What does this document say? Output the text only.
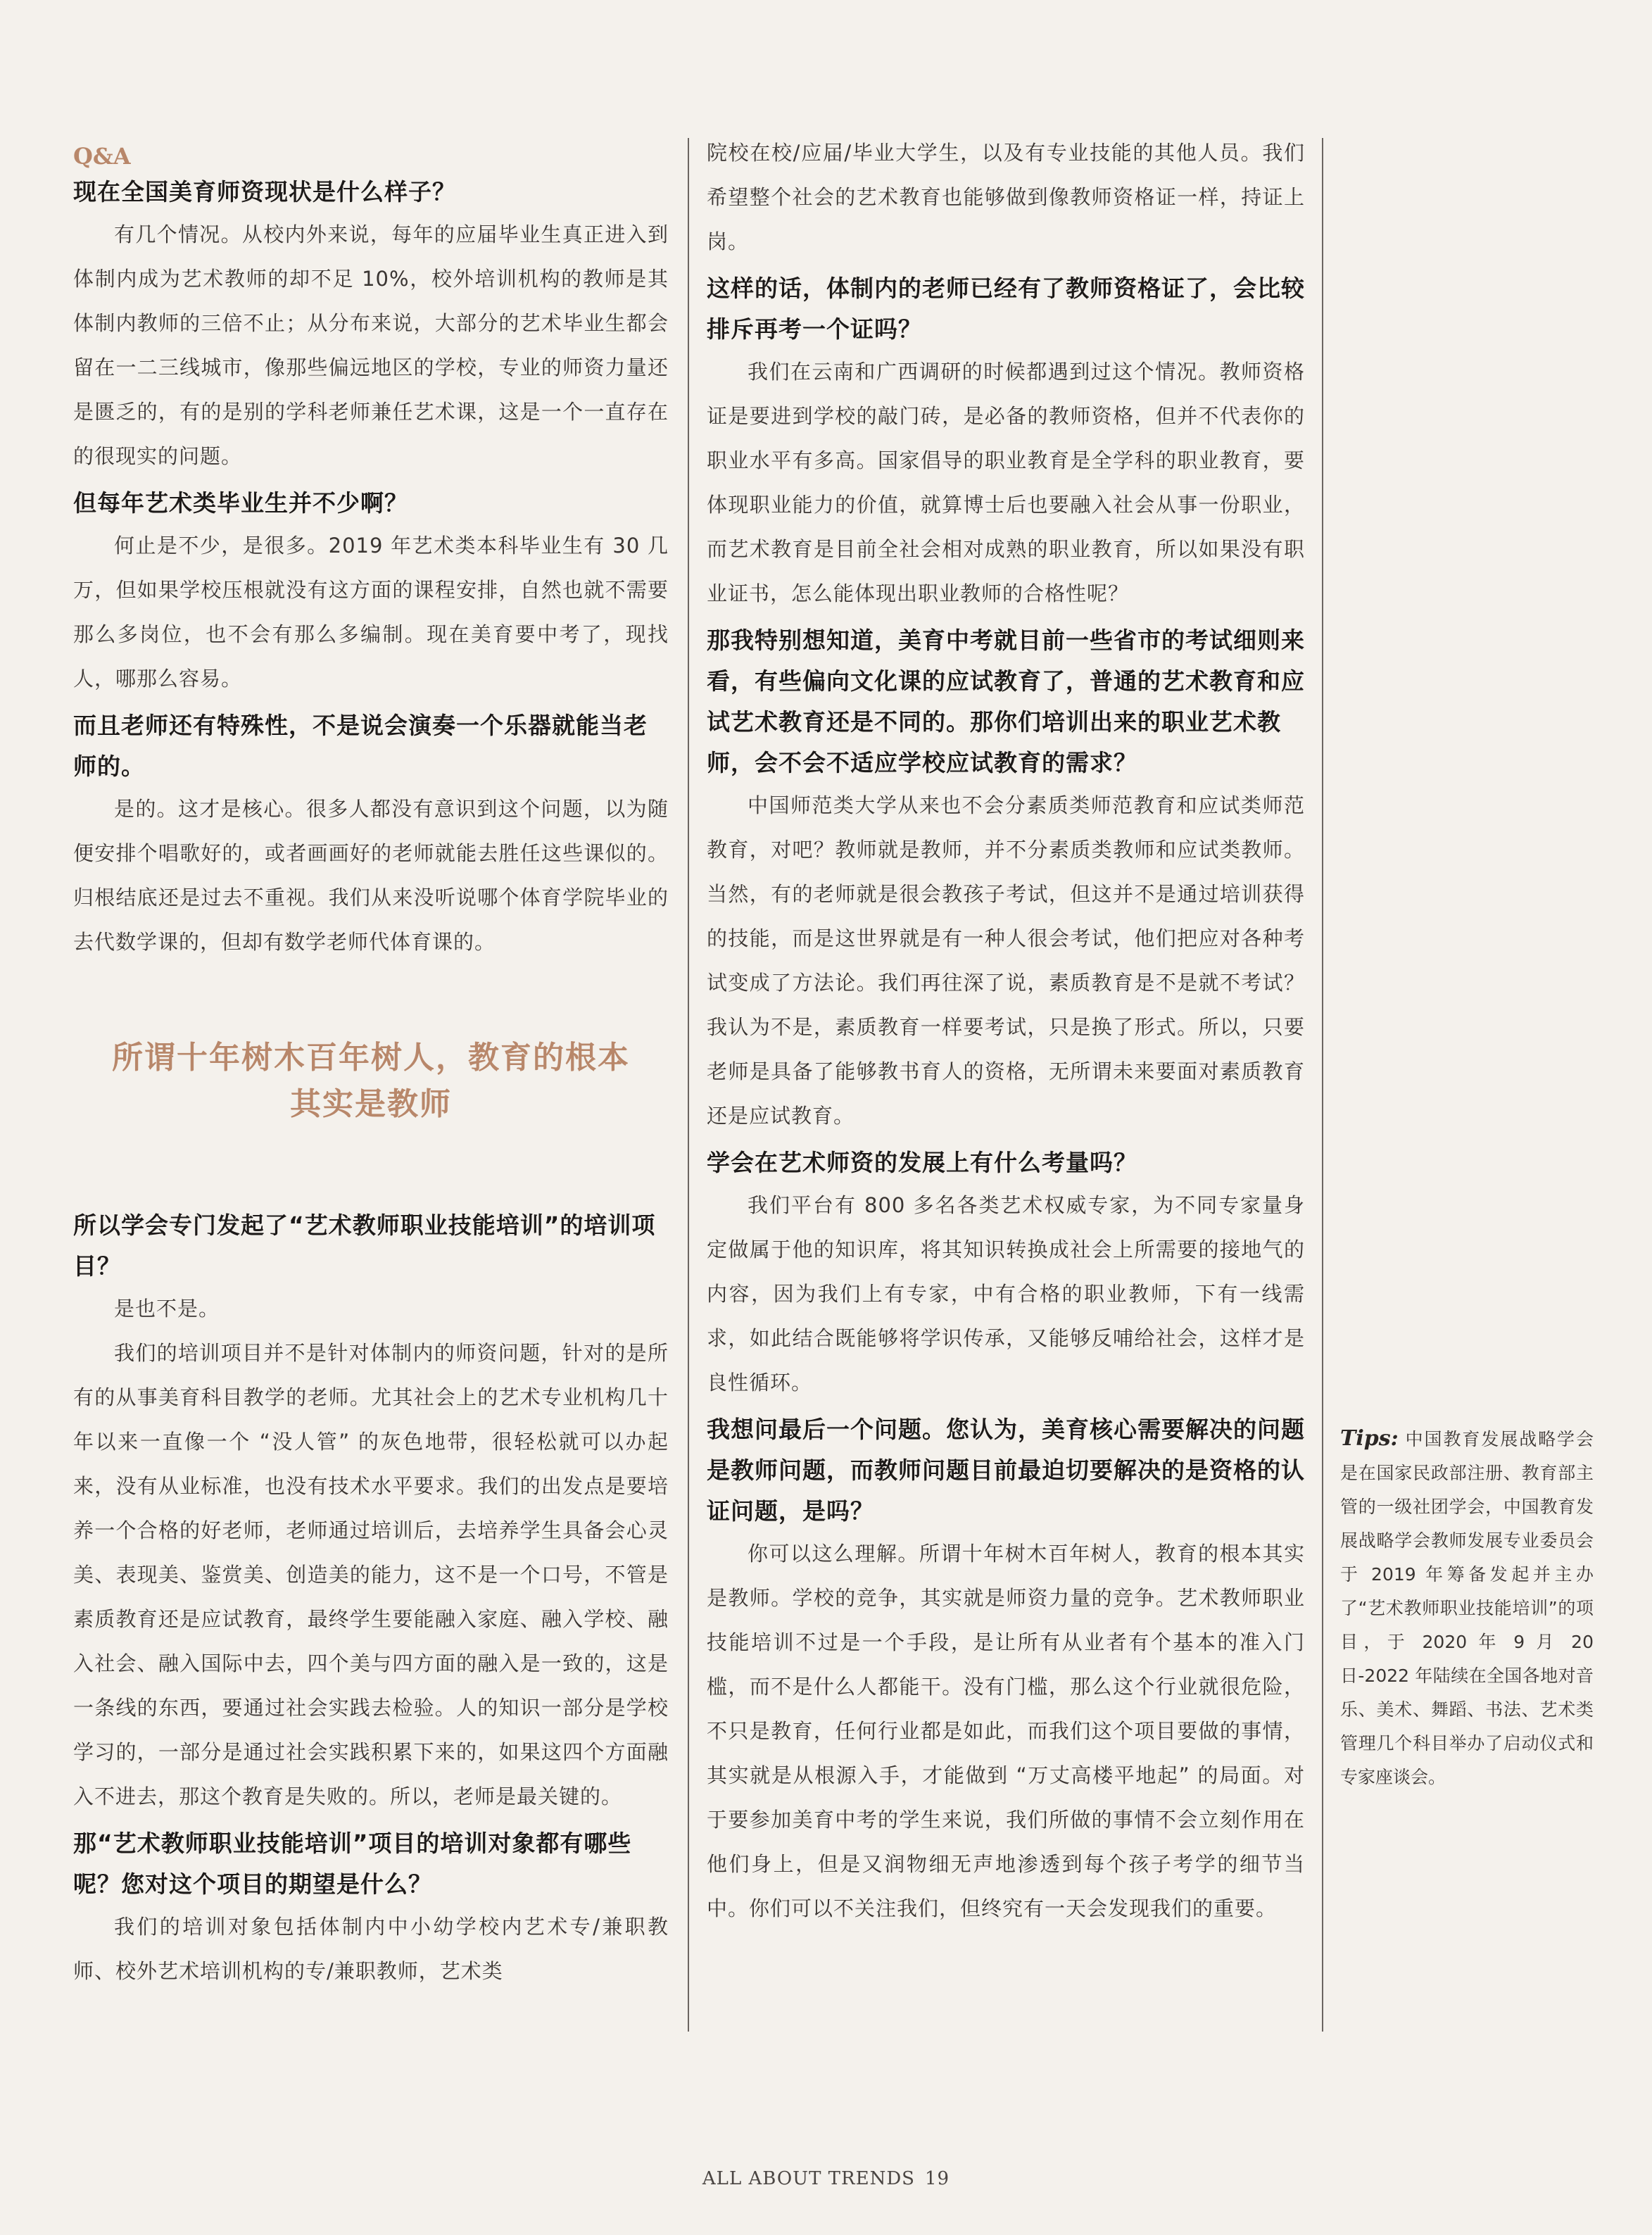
Q&A

现在全国美育师资现状是什么样子？

有几个情况。从校内外来说，每年的应届毕业生真正进入到体制内成为艺术教师的却不足 10%，校外培训机构的教师是其体制内教师的三倍不止；从分布来说，大部分的艺术毕业生都会留在一二三线城市，像那些偏远地区的学校，专业的师资力量还是匮乏的，有的是别的学科老师兼任艺术课，这是一个一直存在的很现实的问题。

但每年艺术类毕业生并不少啊？

何止是不少，是很多。2019 年艺术类本科毕业生有 30 几万，但如果学校压根就没有这方面的课程安排，自然也就不需要那么多岗位，也不会有那么多编制。现在美育要中考了，现找人，哪那么容易。

而且老师还有特殊性，不是说会演奏一个乐器就能当老师的。

是的。这才是核心。很多人都没有意识到这个问题，以为随便安排个唱歌好的，或者画画好的老师就能去胜任这些课似的。归根结底还是过去不重视。我们从来没听说哪个体育学院毕业的去代数学课的，但却有数学老师代体育课的。

所谓十年树木百年树人，教育的根本
其实是教师

所以学会专门发起了“艺术教师职业技能培训”的培训项目？

是也不是。

我们的培训项目并不是针对体制内的师资问题，针对的是所有的从事美育科目教学的老师。尤其社会上的艺术专业机构几十年以来一直像一个 “没人管” 的灰色地带，很轻松就可以办起来，没有从业标准，也没有技术水平要求。我们的出发点是要培养一个合格的好老师，老师通过培训后，去培养学生具备会心灵美、表现美、鉴赏美、创造美的能力，这不是一个口号，不管是素质教育还是应试教育，最终学生要能融入家庭、融入学校、融入社会、融入国际中去，四个美与四方面的融入是一致的，这是一条线的东西，要通过社会实践去检验。人的知识一部分是学校学习的，一部分是通过社会实践积累下来的，如果这四个方面融入不进去，那这个教育是失败的。所以，老师是最关键的。

那“艺术教师职业技能培训”项目的培训对象都有哪些呢？您对这个项目的期望是什么？

我们的培训对象包括体制内中小幼学校内艺术专/兼职教师、校外艺术培训机构的专/兼职教师，艺术类

院校在校/应届/毕业大学生，以及有专业技能的其他人员。我们希望整个社会的艺术教育也能够做到像教师资格证一样，持证上岗。

这样的话，体制内的老师已经有了教师资格证了，会比较排斥再考一个证吗？

我们在云南和广西调研的时候都遇到过这个情况。教师资格证是要进到学校的敲门砖，是必备的教师资格，但并不代表你的职业水平有多高。国家倡导的职业教育是全学科的职业教育，要体现职业能力的价值，就算博士后也要融入社会从事一份职业，而艺术教育是目前全社会相对成熟的职业教育，所以如果没有职业证书，怎么能体现出职业教师的合格性呢？

那我特别想知道，美育中考就目前一些省市的考试细则来看，有些偏向文化课的应试教育了，普通的艺术教育和应试艺术教育还是不同的。那你们培训出来的职业艺术教师，会不会不适应学校应试教育的需求？

中国师范类大学从来也不会分素质类师范教育和应试类师范教育，对吧？教师就是教师，并不分素质类教师和应试类教师。当然，有的老师就是很会教孩子考试，但这并不是通过培训获得的技能，而是这世界就是有一种人很会考试，他们把应对各种考试变成了方法论。我们再往深了说，素质教育是不是就不考试？我认为不是，素质教育一样要考试，只是换了形式。所以，只要老师是具备了能够教书育人的资格，无所谓未来要面对素质教育还是应试教育。

学会在艺术师资的发展上有什么考量吗？

我们平台有 800 多名各类艺术权威专家，为不同专家量身定做属于他的知识库，将其知识转换成社会上所需要的接地气的内容，因为我们上有专家，中有合格的职业教师，下有一线需求，如此结合既能够将学识传承，又能够反哺给社会，这样才是良性循环。

我想问最后一个问题。您认为，美育核心需要解决的问题是教师问题，而教师问题目前最迫切要解决的是资格的认证问题，是吗？

你可以这么理解。所谓十年树木百年树人，教育的根本其实是教师。学校的竞争，其实就是师资力量的竞争。艺术教师职业技能培训不过是一个手段，是让所有从业者有个基本的准入门槛，而不是什么人都能干。没有门槛，那么这个行业就很危险，不只是教育，任何行业都是如此，而我们这个项目要做的事情，其实就是从根源入手，才能做到 “万丈高楼平地起” 的局面。对于要参加美育中考的学生来说，我们所做的事情不会立刻作用在他们身上，但是又润物细无声地渗透到每个孩子考学的细节当中。你们可以不关注我们，但终究有一天会发现我们的重要。

Tips: 中国教育发展战略学会是在国家民政部注册、教育部主管的一级社团学会，中国教育发展战略学会教师发展专业委员会于 2019 年筹备发起并主办了“艺术教师职业技能培训”的项目，于 2020 年 9 月 20 日-2022 年陆续在全国各地对音乐、美术、舞蹈、书法、艺术类管理几个科目举办了启动仪式和专家座谈会。

ALL ABOUT TRENDS 19
